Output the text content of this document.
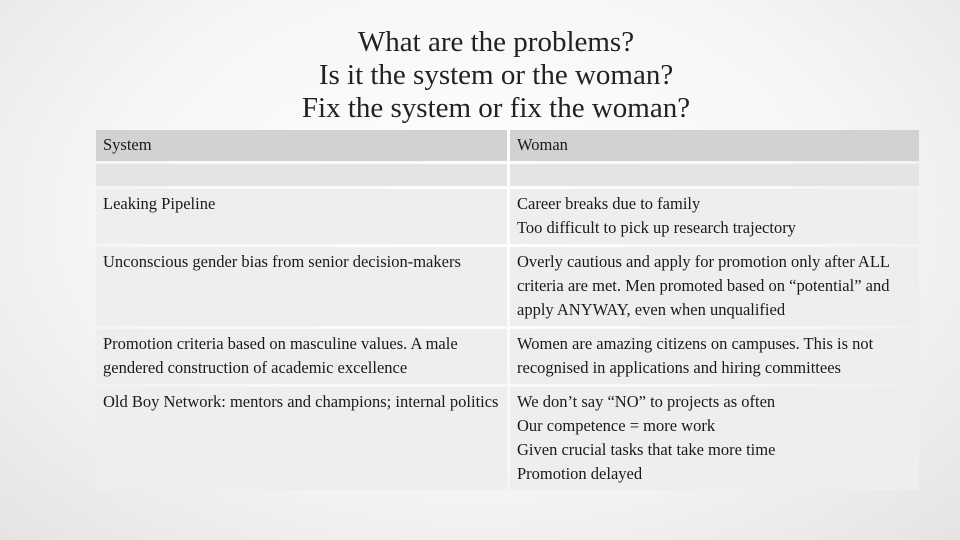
What are the problems?
Is it the system or the woman?
Fix the system or fix the woman?
System	Woman

Leaking Pipeline	Career breaks due to family
Too difficult to pick up research trajectory

Unconscious gender bias from senior decision-makers	Overly cautious and apply for promotion only after ALL criteria are met. Men promoted based on “potential” and apply ANYWAY, even when unqualified

Promotion criteria based on masculine values. A male gendered construction of academic excellence	Women are amazing citizens on campuses. This is not recognised in applications and hiring committees

Old Boy Network: mentors and champions; internal politics	We don’t say “NO” to projects as often
Our competence = more work
Given crucial tasks that take more time
Promotion delayed
